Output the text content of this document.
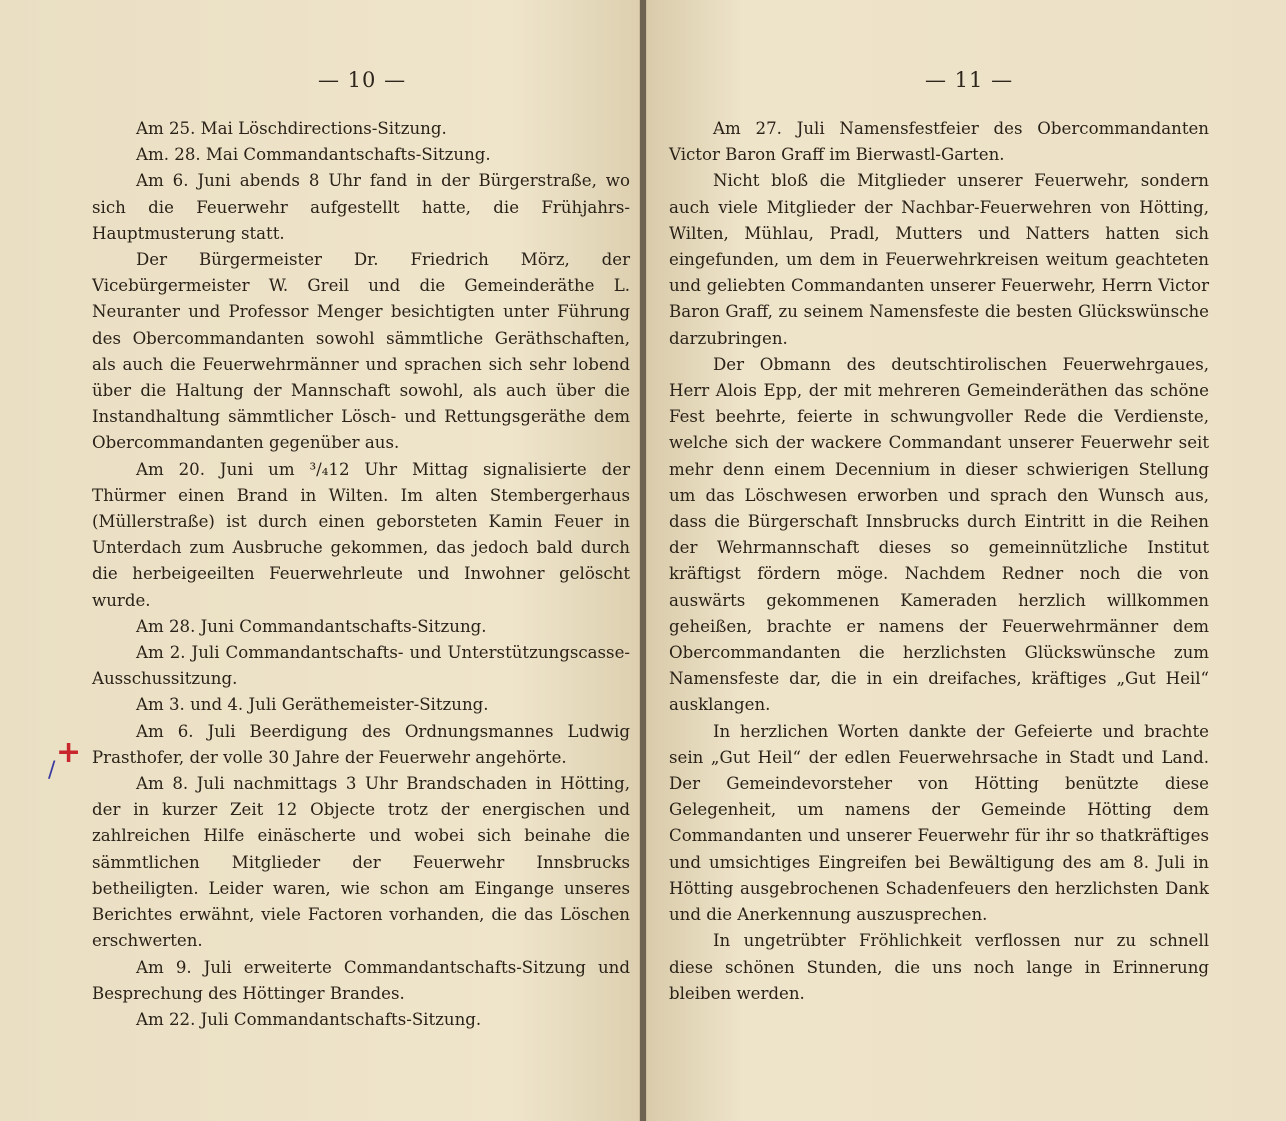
— 10 —

Am 25. Mai Löschdirections-Sitzung.

Am. 28. Mai Commandantschafts-Sitzung.

Am 6. Juni abends 8 Uhr fand in der Bürgerstraße, wo sich die Feuerwehr aufgestellt hatte, die Frühjahrs-Hauptmusterung statt.

Der Bürgermeister Dr. Friedrich Mörz, der Vicebürgermeister W. Greil und die Gemeinderäthe L. Neuranter und Professor Menger besichtigten unter Führung des Obercommandanten sowohl sämmtliche Geräthschaften, als auch die Feuerwehrmänner und sprachen sich sehr lobend über die Haltung der Mannschaft sowohl, als auch über die Instandhaltung sämmtlicher Lösch- und Rettungsgeräthe dem Obercommandanten gegenüber aus.

Am 20. Juni um ³/₄12 Uhr Mittag signalisierte der Thürmer einen Brand in Wilten. Im alten Stembergerhaus (Müllerstraße) ist durch einen geborsteten Kamin Feuer in Unterdach zum Ausbruche gekommen, das jedoch bald durch die herbeigeeilten Feuerwehrleute und Inwohner gelöscht wurde.

Am 28. Juni Commandantschafts-Sitzung.

Am 2. Juli Commandantschafts- und Unterstützungscasse-Ausschussitzung.

Am 3. und 4. Juli Geräthemeister-Sitzung.

Am 6. Juli Beerdigung des Ordnungsmannes Ludwig Prasthofer, der volle 30 Jahre der Feuerwehr angehörte.

Am 8. Juli nachmittags 3 Uhr Brandschaden in Hötting, der in kurzer Zeit 12 Objecte trotz der energischen und zahlreichen Hilfe einäscherte und wobei sich beinahe die sämmtlichen Mitglieder der Feuerwehr Innsbrucks betheiligten. Leider waren, wie schon am Eingange unseres Berichtes erwähnt, viele Factoren vorhanden, die das Löschen erschwerten.

Am 9. Juli erweiterte Commandantschafts-Sitzung und Besprechung des Höttinger Brandes.

Am 22. Juli Commandantschafts-Sitzung.

+
/
— 11 —

Am 27. Juli Namensfestfeier des Obercommandanten Victor Baron Graff im Bierwastl-Garten.

Nicht bloß die Mitglieder unserer Feuerwehr, sondern auch viele Mitglieder der Nachbar-Feuerwehren von Hötting, Wilten, Mühlau, Pradl, Mutters und Natters hatten sich eingefunden, um dem in Feuerwehrkreisen weitum geachteten und geliebten Commandanten unserer Feuerwehr, Herrn Victor Baron Graff, zu seinem Namensfeste die besten Glückswünsche darzubringen.

Der Obmann des deutschtirolischen Feuerwehrgaues, Herr Alois Epp, der mit mehreren Gemeinderäthen das schöne Fest beehrte, feierte in schwungvoller Rede die Verdienste, welche sich der wackere Commandant unserer Feuerwehr seit mehr denn einem Decennium in dieser schwierigen Stellung um das Löschwesen erworben und sprach den Wunsch aus, dass die Bürgerschaft Innsbrucks durch Eintritt in die Reihen der Wehrmannschaft dieses so gemeinnützliche Institut kräftigst fördern möge. Nachdem Redner noch die von auswärts gekommenen Kameraden herzlich willkommen geheißen, brachte er namens der Feuerwehrmänner dem Obercommandanten die herzlichsten Glückswünsche zum Namensfeste dar, die in ein dreifaches, kräftiges „Gut Heil“ ausklangen.

In herzlichen Worten dankte der Gefeierte und brachte sein „Gut Heil“ der edlen Feuerwehrsache in Stadt und Land. Der Gemeindevorsteher von Hötting benützte diese Gelegenheit, um namens der Gemeinde Hötting dem Commandanten und unserer Feuerwehr für ihr so thatkräftiges und umsichtiges Eingreifen bei Bewältigung des am 8. Juli in Hötting ausgebrochenen Schadenfeuers den herzlichsten Dank und die Anerkennung auszusprechen.

In ungetrübter Fröhlichkeit verflossen nur zu schnell diese schönen Stunden, die uns noch lange in Erinnerung bleiben werden.
